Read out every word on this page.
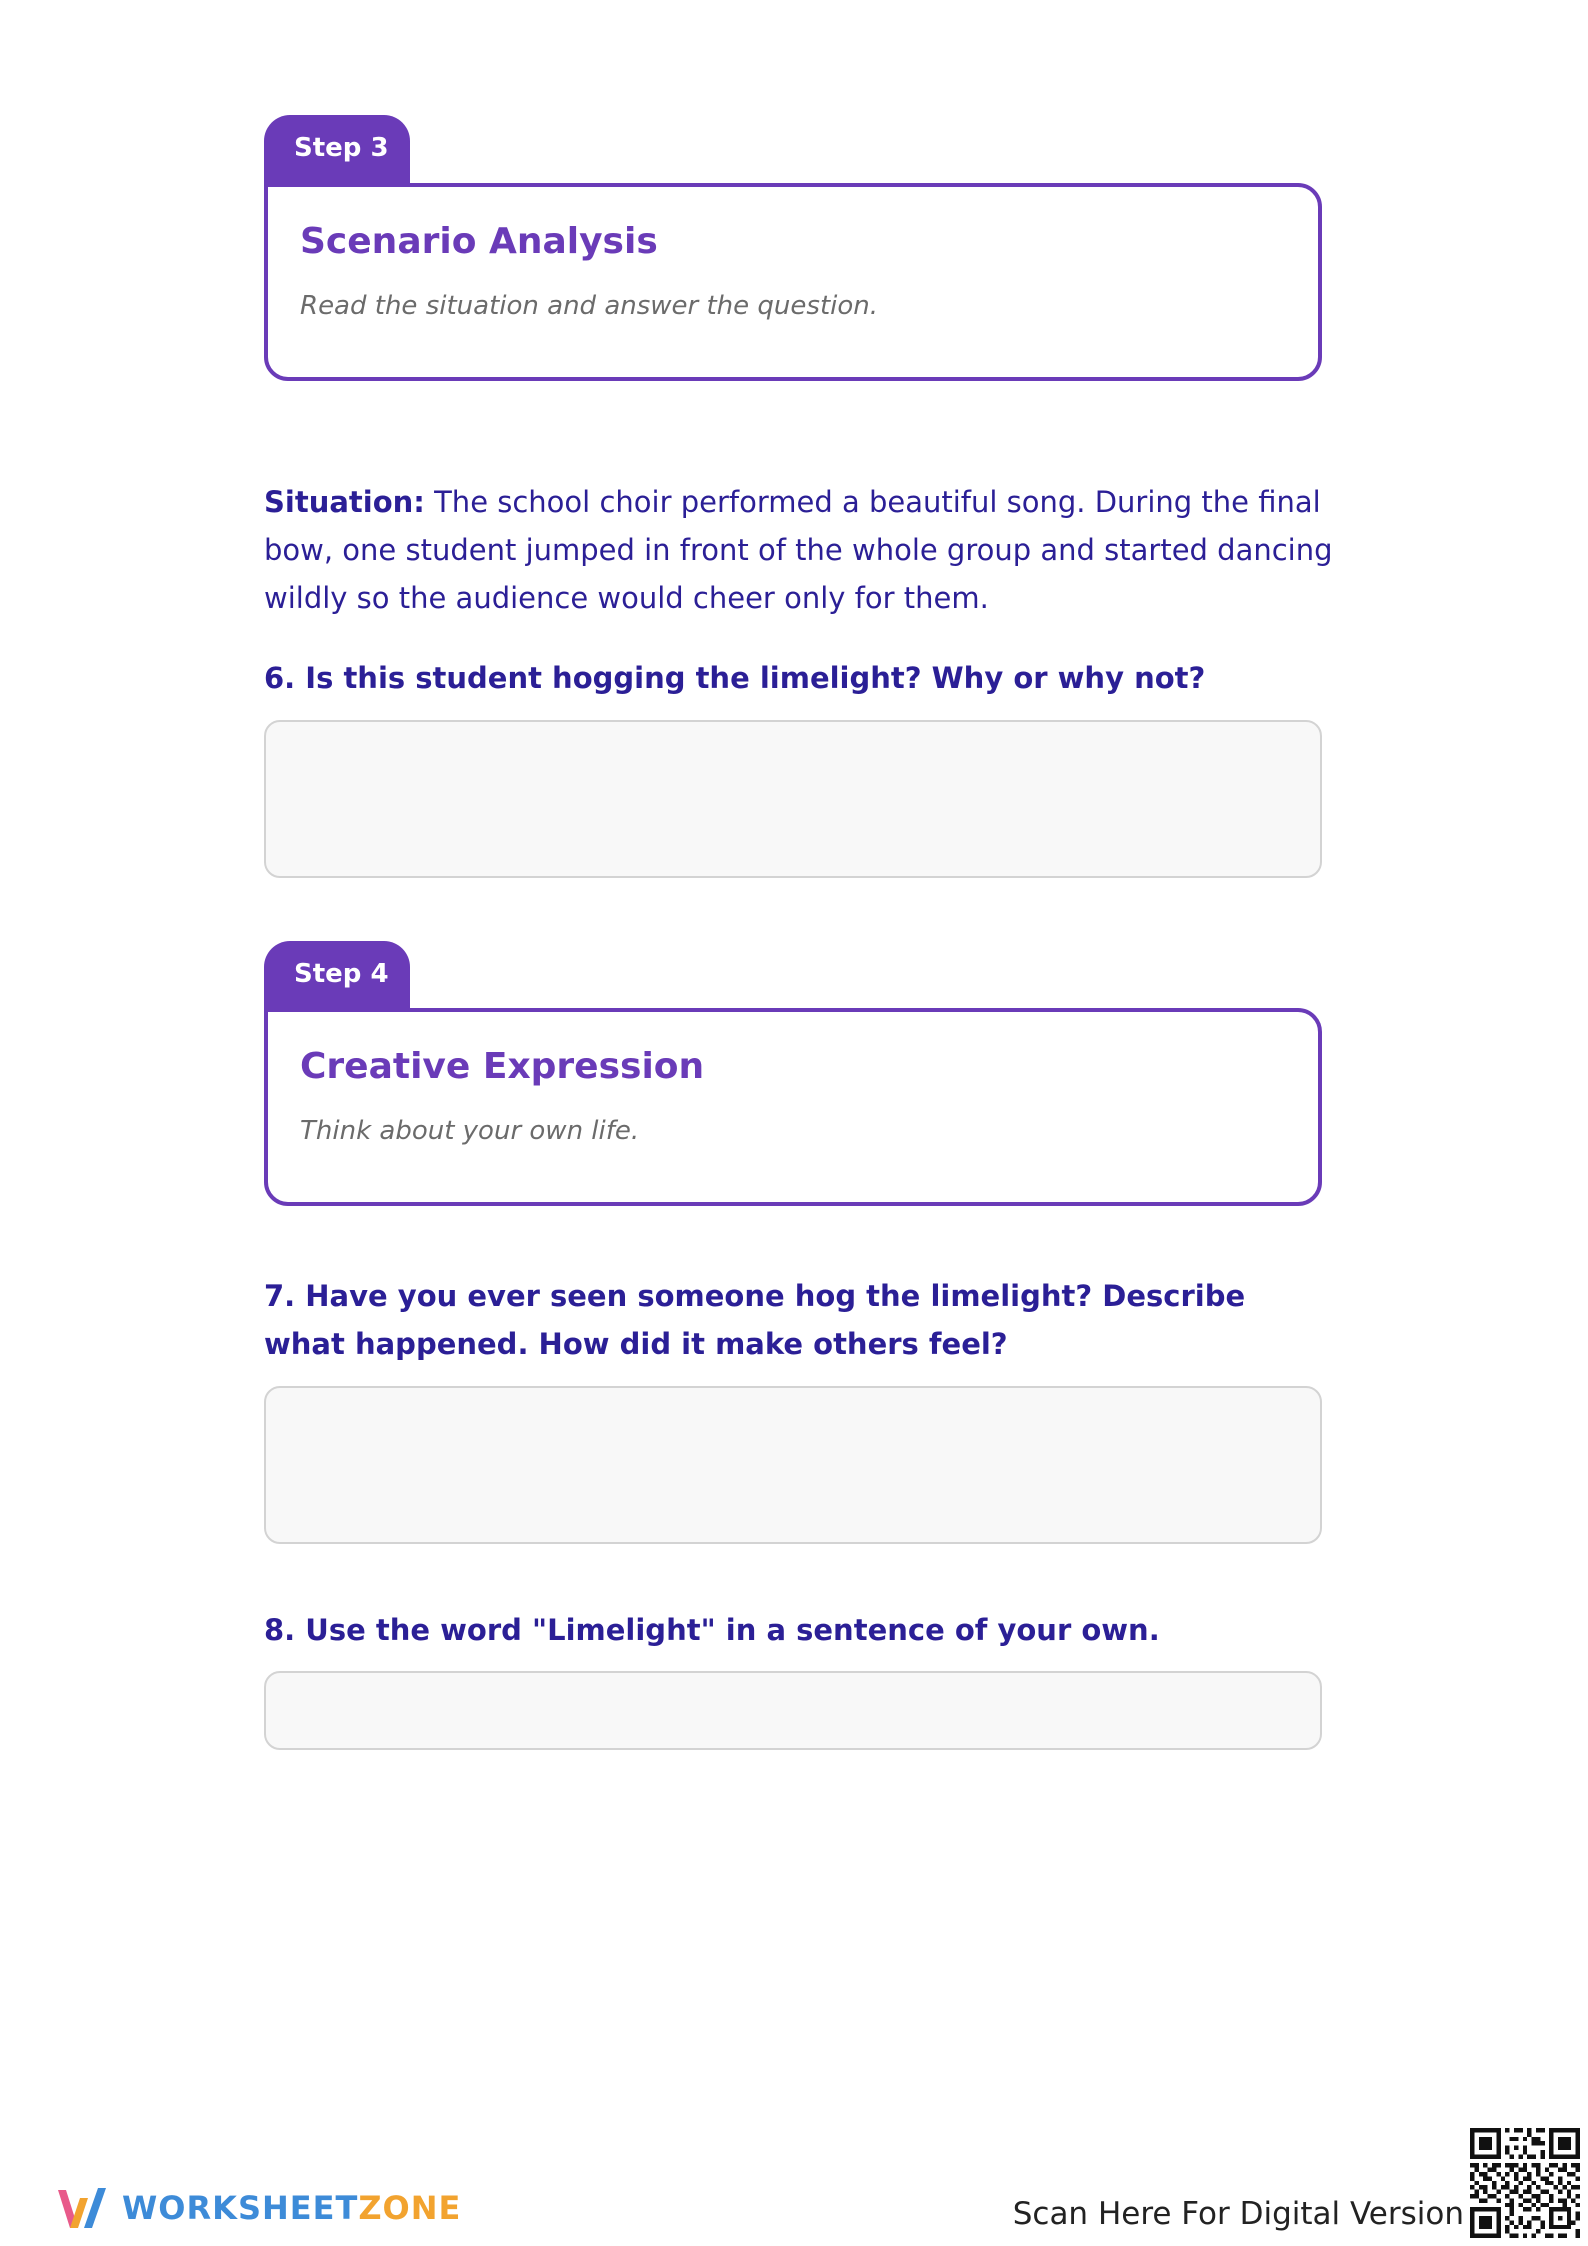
Step 3
Scenario Analysis
Read the situation and answer the question.
Situation: The school choir performed a beautiful song. During the final bow, one student jumped in front of the whole group and started dancing wildly so the audience would cheer only for them.
6. Is this student hogging the limelight? Why or why not?
Step 4
Creative Expression
Think about your own life.
7. Have you ever seen someone hog the limelight? Describe what happened. How did it make others feel?
8. Use the word "Limelight" in a sentence of your own.
WORKSHEETZONE	Scan Here For Digital Version
